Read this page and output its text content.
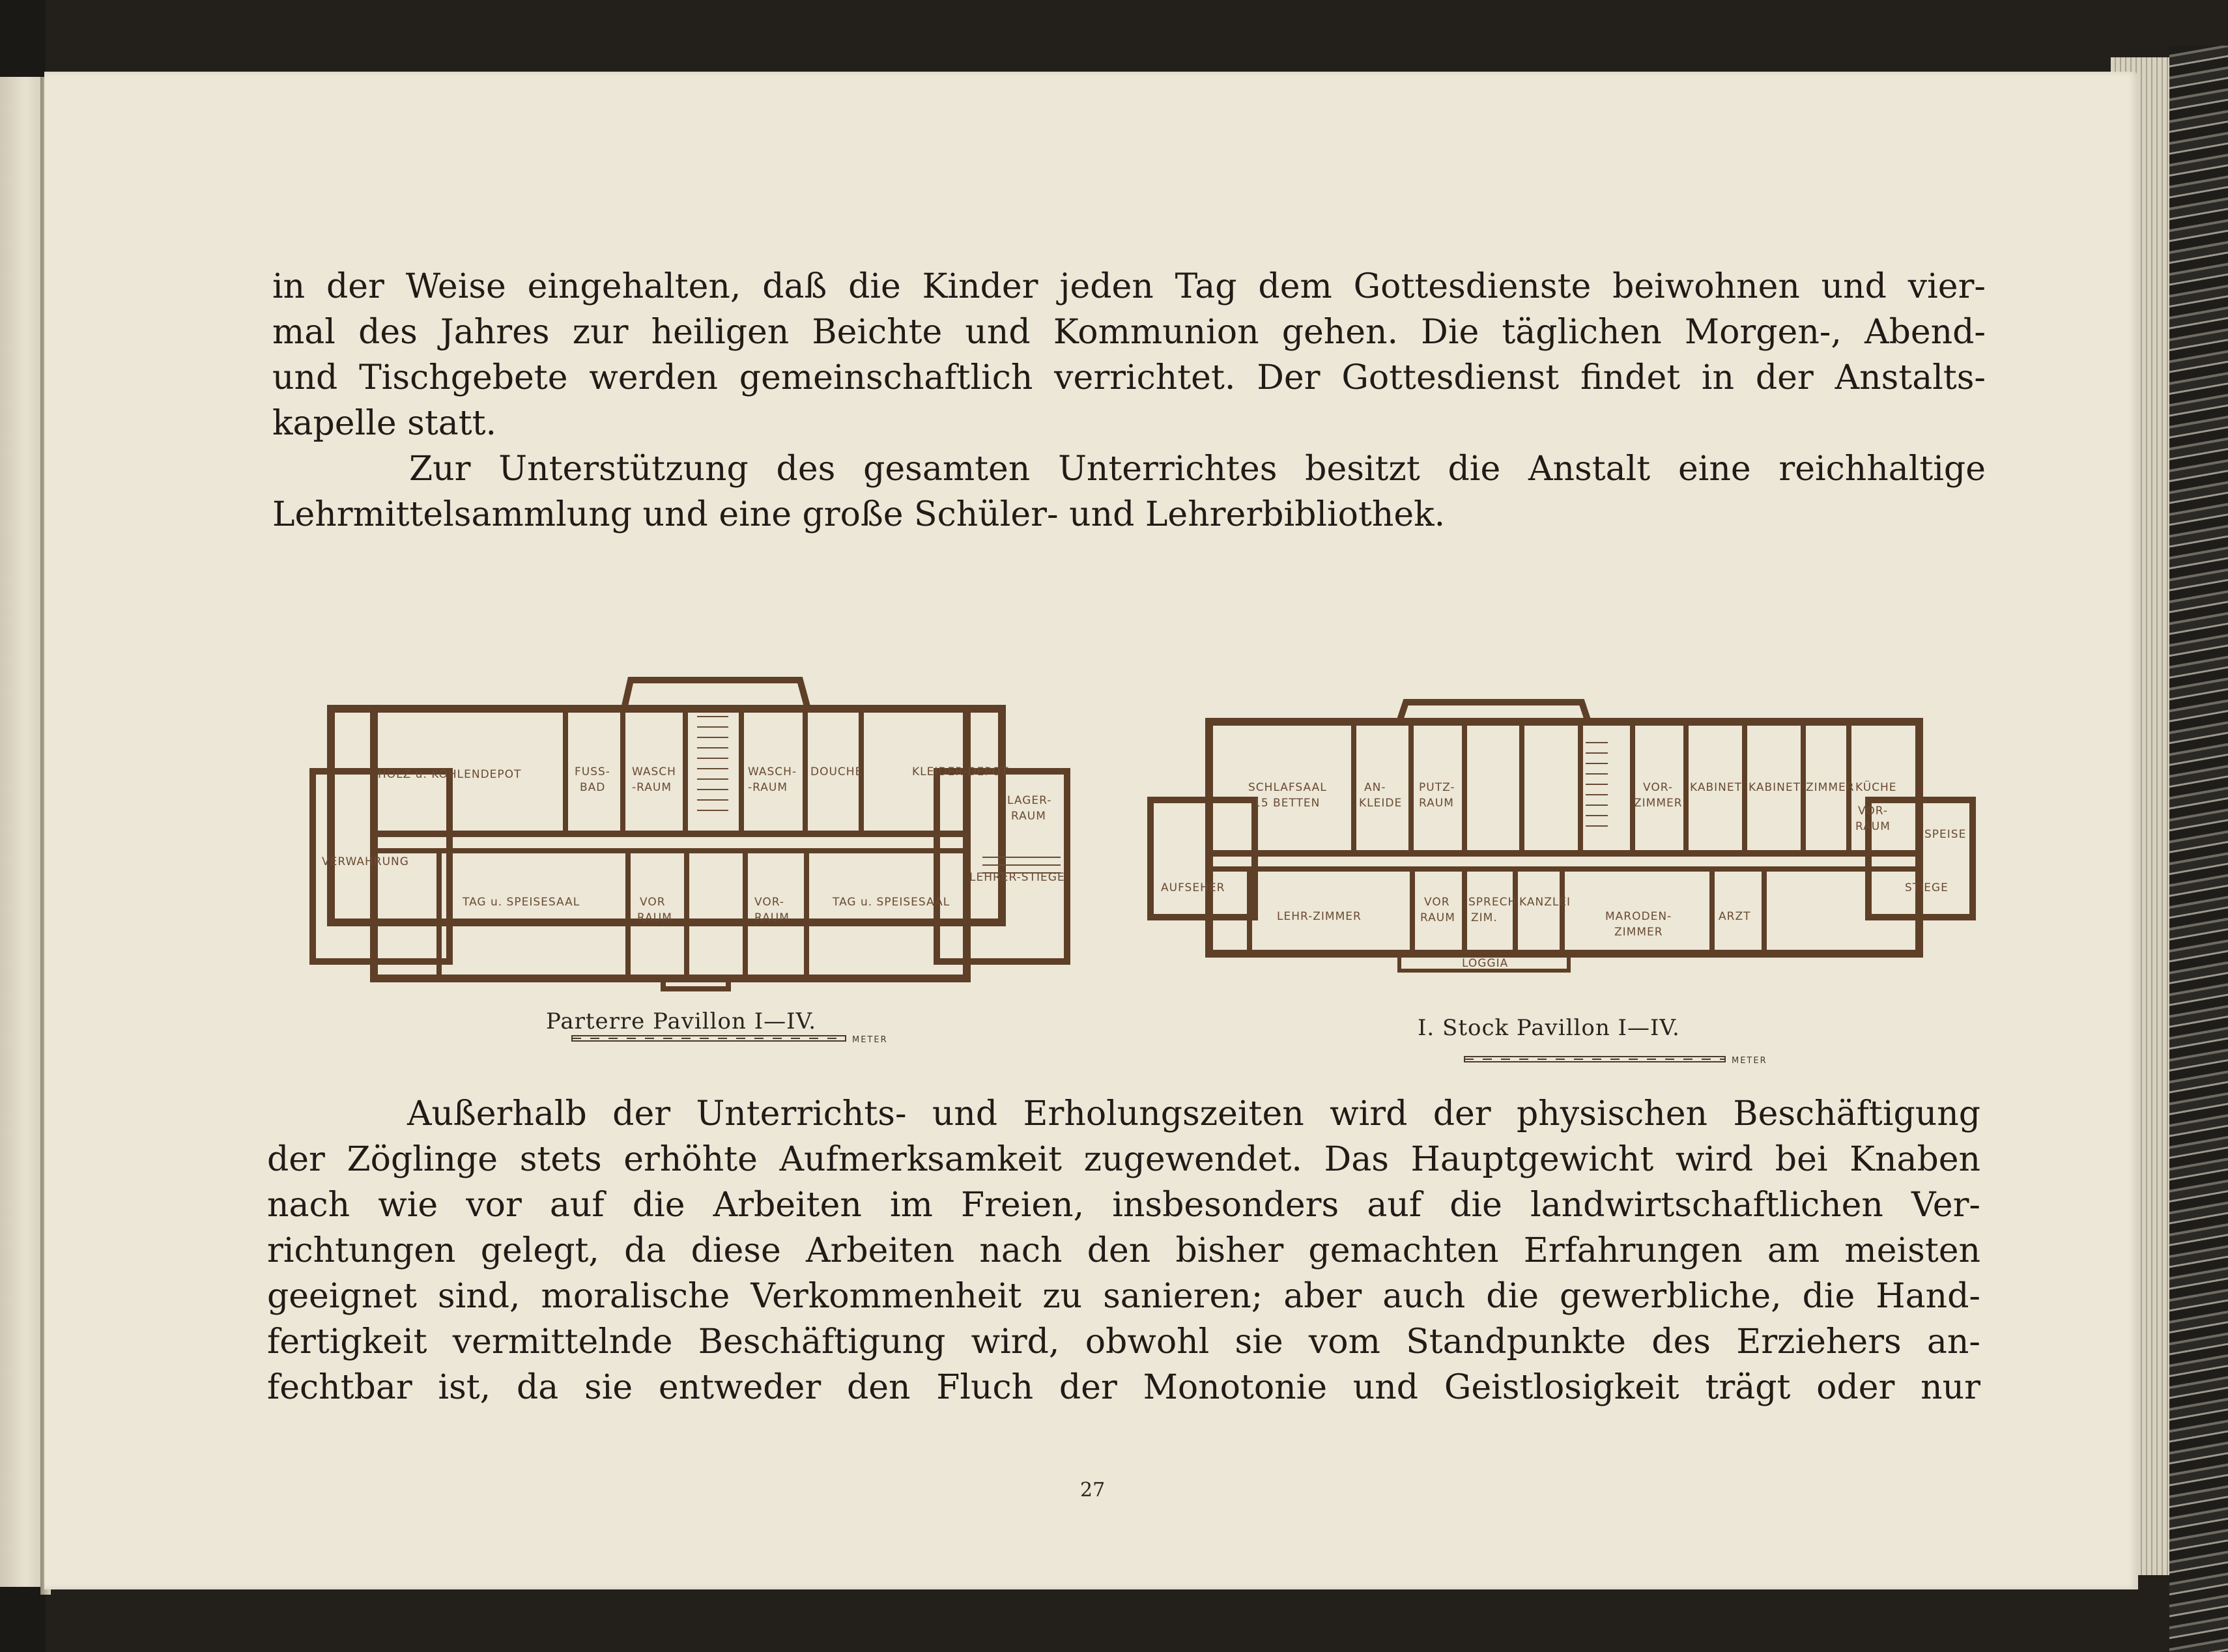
in der Weise eingehalten, daß die Kinder jeden Tag dem Gottesdienste beiwohnen und vier-
mal des Jahres zur heiligen Beichte und Kommunion gehen. Die täglichen Morgen-, Abend-
und Tischgebete werden gemeinschaftlich verrichtet. Der Gottesdienst findet in der Anstalts-
kapelle statt.
Zur Unterstützung des gesamten Unterrichtes besitzt die Anstalt eine reichhaltige
Lehrmittelsammlung und eine große Schüler- und Lehrerbibliothek.
HOLZ u. KOHLENDEPOT	FUSS-
BAD
WASCH
-RAUM
WASCH-
-RAUM
DOUCHE	KLEIDER-DEPOT
LAGER-
RAUM
VERWAHRUNG
TAG u. SPEISESAAL	VOR
RAUM
VOR-
RAUM
TAG u. SPEISESAAL
LEHRER-STIEGE
METER
Parterre Pavillon I—IV.
SCHLAFSAAL
15 BETTEN
AN-
KLEIDE
PUTZ-
RAUM
VOR-
ZIMMER
KABINET KABINET ZIMMER KÜCHE
VOR-
RAUM
SPEISE
AUFSEHER
LEHR-ZIMMER
VOR
RAUM
SPRECH
ZIM.
KANZLEI
MARODEN-
ZIMMER
ARZT
STIEGE
LOGGIA
METER
I. Stock Pavillon I—IV.
Außerhalb der Unterrichts- und Erholungszeiten wird der physischen Beschäftigung
der Zöglinge stets erhöhte Aufmerksamkeit zugewendet. Das Hauptgewicht wird bei Knaben
nach wie vor auf die Arbeiten im Freien, insbesonders auf die landwirtschaftlichen Ver-
richtungen gelegt, da diese Arbeiten nach den bisher gemachten Erfahrungen am meisten
geeignet sind, moralische Verkommenheit zu sanieren; aber auch die gewerbliche, die Hand-
fertigkeit vermittelnde Beschäftigung wird, obwohl sie vom Standpunkte des Erziehers an-
fechtbar ist, da sie entweder den Fluch der Monotonie und Geistlosigkeit trägt oder nur
27
